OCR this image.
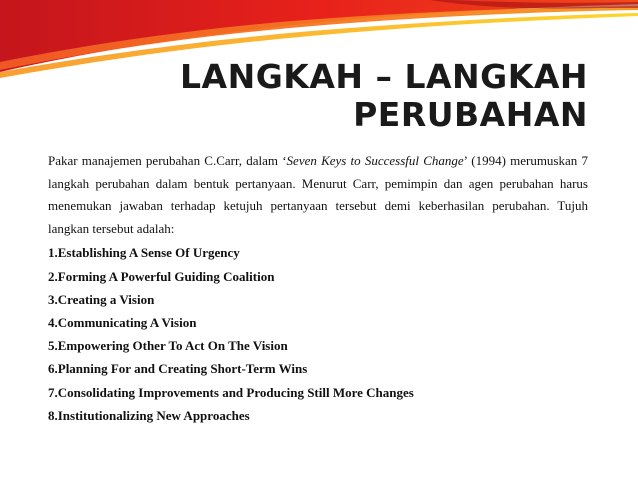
LANGKAH – LANGKAH
PERUBAHAN

Pakar manajemen perubahan C.Carr, dalam ‘Seven Keys to Successful Change’ (1994) merumuskan 7 langkah perubahan dalam bentuk pertanyaan. Menurut Carr, pemimpin dan agen perubahan harus menemukan jawaban terhadap ketujuh pertanyaan tersebut demi keberhasilan perubahan. Tujuh langkan tersebut adalah:

1.Establishing A Sense Of Urgency
2.Forming A Powerful Guiding Coalition
3.Creating a Vision
4.Communicating A Vision
5.Empowering Other To Act On The Vision
6.Planning For and Creating Short-Term Wins
7.Consolidating Improvements and Producing Still More Changes
8.Institutionalizing New Approaches
